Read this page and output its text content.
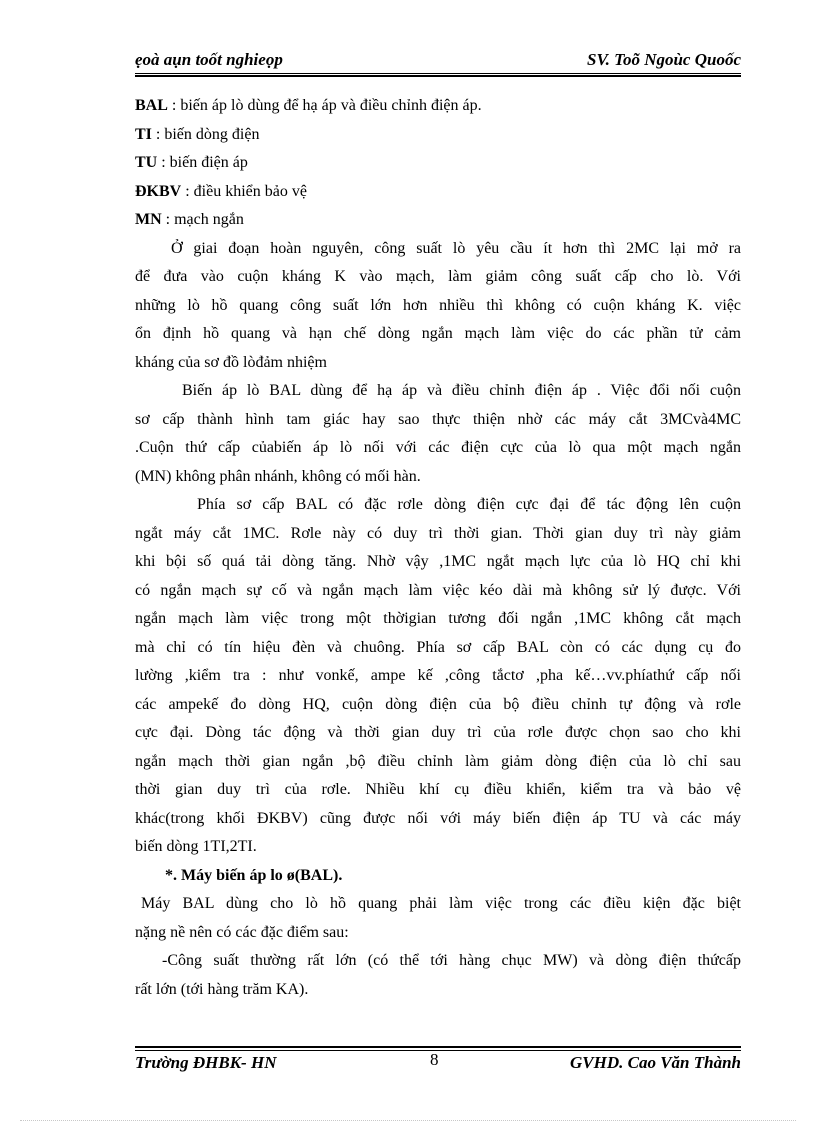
ẹoà aụn toốt nghieọp	SV. Toõ Ngoùc Quoốc
BAL : biến áp lò dùng để hạ áp và điều chỉnh điện áp.
TI : biến dòng điện
TU : biến điện áp
ĐKBV : điều khiển bảo vệ
MN : mạch ngắn
Ở giai đoạn hoàn nguyên, công suất lò yêu cầu ít hơn thì 2MC lại mở ra
để đưa vào cuộn kháng K vào mạch, làm giảm công suất cấp cho lò. Với
những lò hồ quang công suất lớn hơn nhiều thì không có cuộn kháng K. việc
ổn định hồ quang và hạn chế dòng ngắn mạch làm việc do các phần tử cảm
kháng của sơ đồ lòđảm nhiệm
Biến áp lò BAL dùng để hạ áp và điều chỉnh điện áp . Việc đổi nối cuộn
sơ cấp thành hình tam giác hay sao thực thiện nhờ các máy cắt 3MCvà4MC
.Cuộn thứ cấp củabiến áp lò nối với các điện cực của lò qua một mạch ngắn
(MN) không phân nhánh, không có mối hàn.
Phía sơ cấp BAL có đặc rơle dòng điện cực đại để tác động lên cuộn
ngắt máy cắt 1MC. Rơle này có duy trì thời gian. Thời gian duy trì này giảm
khi bội số quá tải dòng tăng. Nhờ vậy ,1MC ngắt mạch lực của lò HQ chỉ khi
có ngắn mạch sự cố và ngắn mạch làm việc kéo dài mà không sử lý được. Với
ngắn mạch làm việc trong một thờigian tương đối ngắn ,1MC không cắt mạch
mà chỉ có tín hiệu đèn và chuông. Phía sơ cấp BAL còn có các dụng cụ đo
lường ,kiểm tra : như vonkế, ampe kế ,công tắctơ ,pha kế…vv.phíathứ cấp nối
các ampekế đo dòng HQ, cuộn dòng điện của bộ điều chỉnh tự động và rơle
cực đại. Dòng tác động và thời gian duy trì của rơle được chọn sao cho khi
ngắn mạch thời gian ngắn ,bộ điều chỉnh làm giảm dòng điện của lò chỉ sau
thời gian duy trì của rơle. Nhiều khí cụ điều khiển, kiểm tra và bảo vệ
khác(trong khối ĐKBV) cũng được nối với máy biến điện áp TU và các máy
biến dòng 1TI,2TI.
*. Máy biến áp lo ø(BAL).
Máy BAL dùng cho lò hồ quang phải làm việc trong các điều kiện đặc biệt
nặng nề nên có các đặc điểm sau:
-Công suất thường rất lớn (có thể tới hàng chục MW) và dòng điện thứcấp
rất lớn (tới hàng trăm KA).
Trường ĐHBK- HN	8	GVHD. Cao Văn Thành
